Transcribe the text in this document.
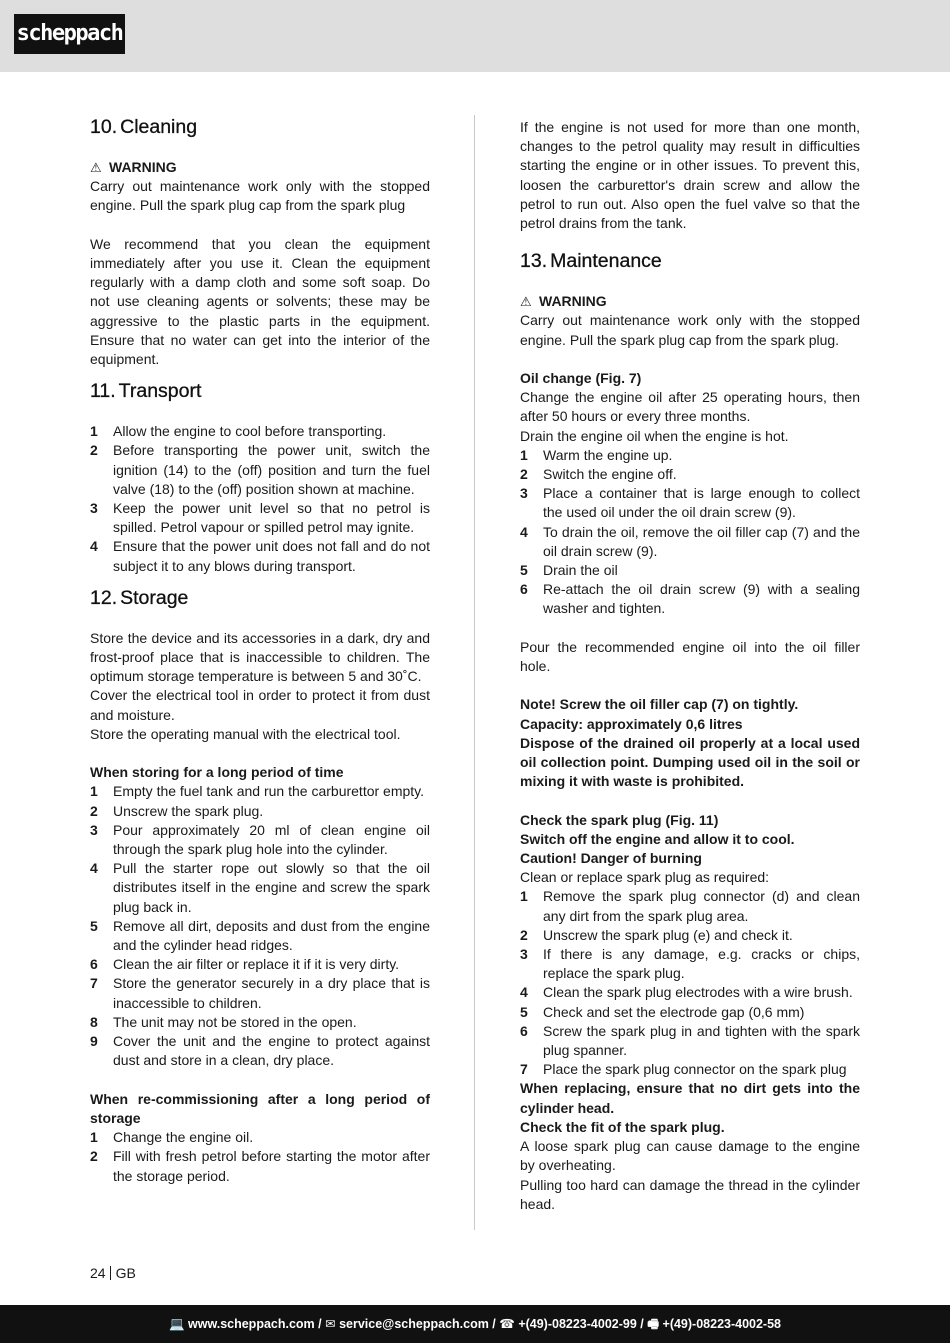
scheppach
10. Cleaning

⚠ WARNING

Carry out maintenance work only with the stopped engine. Pull the spark plug cap from the spark plug

We recommend that you clean the equipment immediately after you use it. Clean the equipment regularly with a damp cloth and some soft soap. Do not use cleaning agents or solvents; these may be aggressive to the plastic parts in the equipment. Ensure that no water can get into the interior of the equipment.

11. Transport
1 Allow the engine to cool before transporting.
2 Before transporting the power unit, switch the ignition (14) to the (off) position and turn the fuel valve (18) to the (off) position shown at machine.
3 Keep the power unit level so that no petrol is spilled. Petrol vapour or spilled petrol may ignite.
4 Ensure that the power unit does not fall and do not subject it to any blows during transport.
12. Storage

Store the device and its accessories in a dark, dry and frost-proof place that is inaccessible to children. The optimum storage temperature is between 5 and 30˚C.

Cover the electrical tool in order to protect it from dust and moisture.

Store the operating manual with the electrical tool.

When storing for a long period of time

1 Empty the fuel tank and run the carburettor empty.
2 Unscrew the spark plug.
3 Pour approximately 20 ml of clean engine oil through the spark plug hole into the cylinder.
4 Pull the starter rope out slowly so that the oil distributes itself in the engine and screw the spark plug back in.
5 Remove all dirt, deposits and dust from the engine and the cylinder head ridges.
6 Clean the air filter or replace it if it is very dirty.
7 Store the generator securely in a dry place that is inaccessible to children.
8 The unit may not be stored in the open.
9 Cover the unit and the engine to protect against dust and store in a clean, dry place.

When re-commissioning after a long period of storage

1 Change the engine oil.
2 Fill with fresh petrol before starting the motor after the storage period.

If the engine is not used for more than one month, changes to the petrol quality may result in difficulties starting the engine or in other issues. To prevent this, loosen the carburettor's drain screw and allow the petrol to run out. Also open the fuel valve so that the petrol drains from the tank.

13. Maintenance

⚠ WARNING

Carry out maintenance work only with the stopped engine. Pull the spark plug cap from the spark plug.

Oil change (Fig. 7)

Change the engine oil after 25 operating hours, then after 50 hours or every three months.

Drain the engine oil when the engine is hot.

1 Warm the engine up.
2 Switch the engine off.
3 Place a container that is large enough to collect the used oil under the oil drain screw (9).
4 To drain the oil, remove the oil filler cap (7) and the oil drain screw (9).
5 Drain the oil
6 Re-attach the oil drain screw (9) with a sealing washer and tighten.

Pour the recommended engine oil into the oil filler hole.

Note! Screw the oil filler cap (7) on tightly.

Capacity: approximately 0,6 litres

Dispose of the drained oil properly at a local used oil collection point. Dumping used oil in the soil or mixing it with waste is prohibited.

Check the spark plug (Fig. 11)

Switch off the engine and allow it to cool.

Caution! Danger of burning

Clean or replace spark plug as required:

1 Remove the spark plug connector (d) and clean any dirt from the spark plug area.
2 Unscrew the spark plug (e) and check it.
3 If there is any damage, e.g. cracks or chips, replace the spark plug.
4 Clean the spark plug electrodes with a wire brush.
5 Check and set the electrode gap (0,6 mm)
6 Screw the spark plug in and tighten with the spark plug spanner.
7 Place the spark plug connector on the spark plug

When replacing, ensure that no dirt gets into the cylinder head.

Check the fit of the spark plug.

A loose spark plug can cause damage to the engine by overheating.

Pulling too hard can damage the thread in the cylinder head.

24 GB
💻 www.scheppach.com / ✉ service@scheppach.com / ☎ +(49)-08223-4002-99 / 🖷 +(49)-08223-4002-58
